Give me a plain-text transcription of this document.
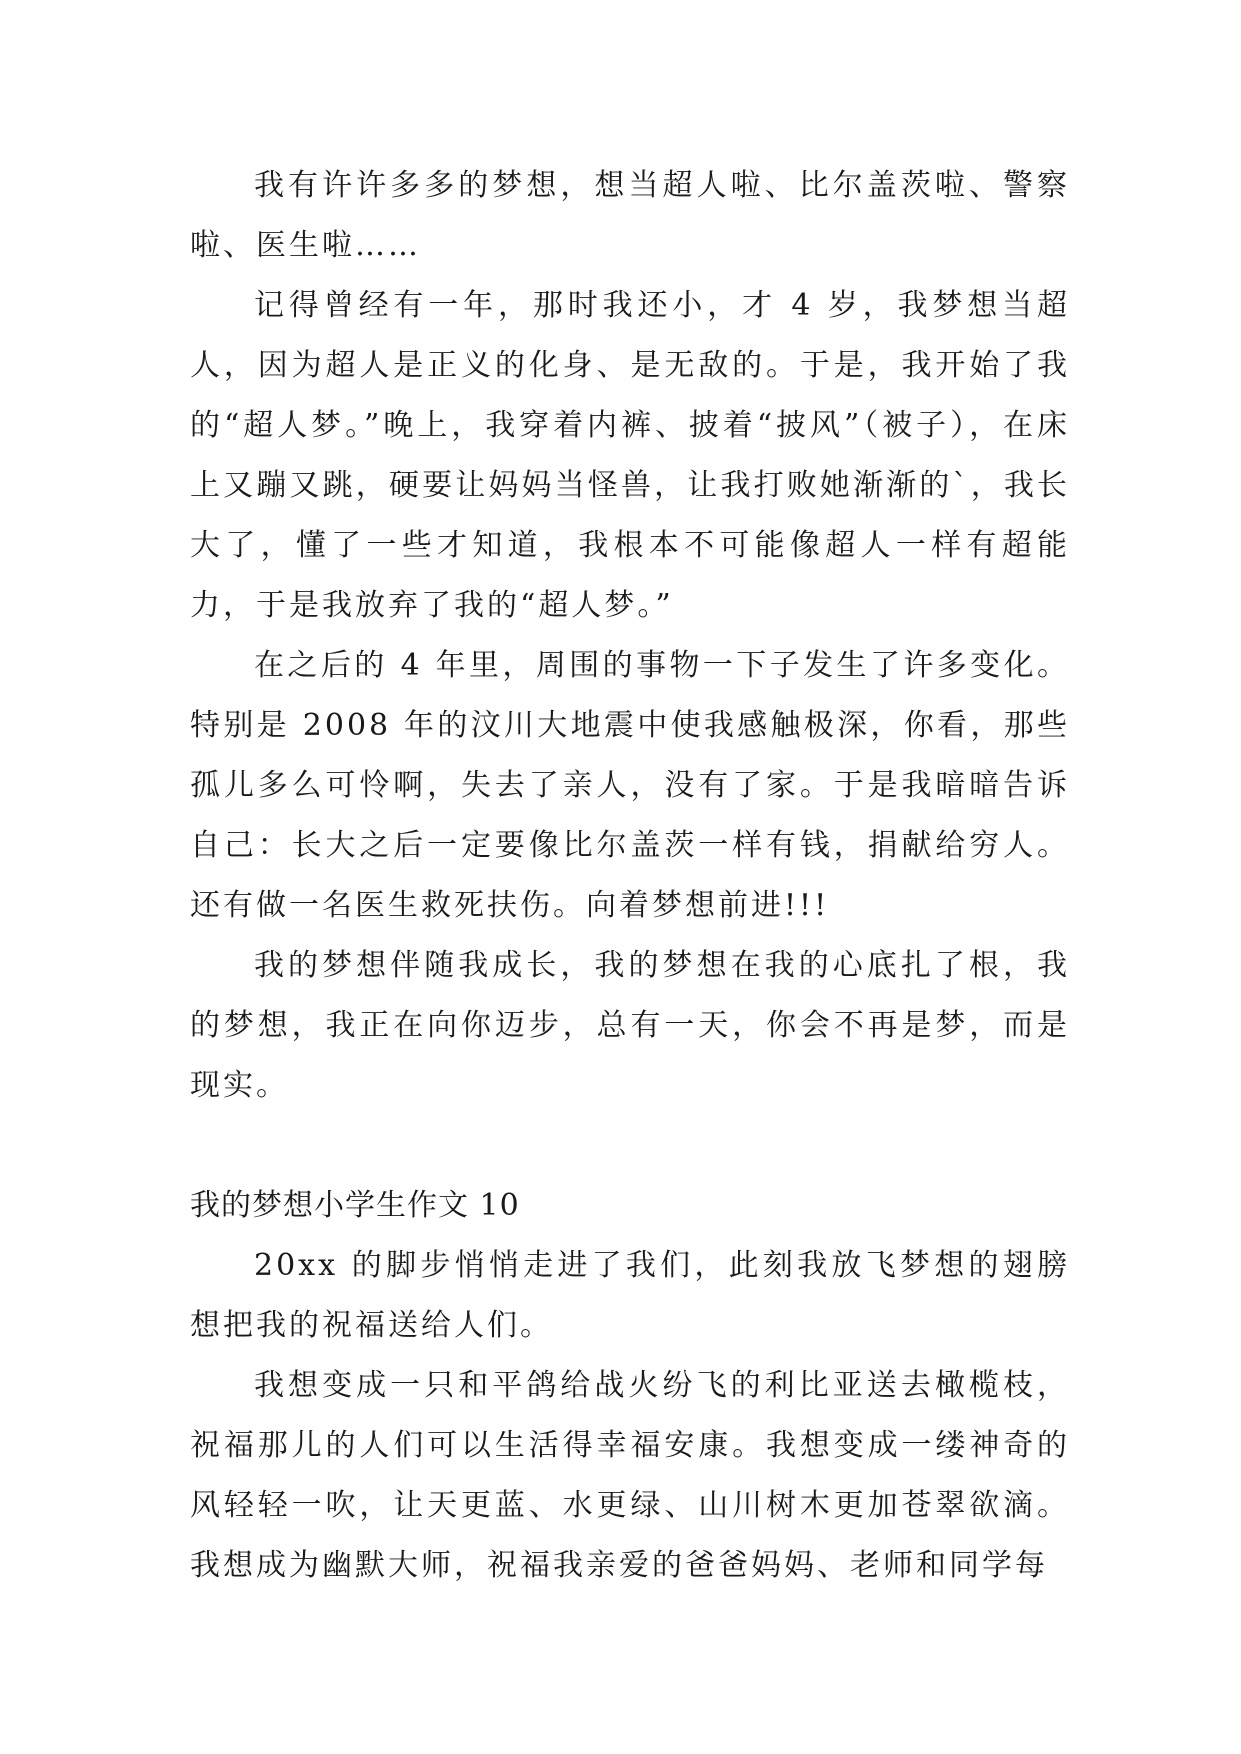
我有许许多多的梦想，想当超人啦、比尔盖茨啦、警察啦、医生啦……

记得曾经有一年，那时我还小，才 4 岁，我梦想当超人，因为超人是正义的化身、是无敌的。于是，我开始了我的“超人梦。”晚上，我穿着内裤、披着“披风”（被子），在床上又蹦又跳，硬要让妈妈当怪兽，让我打败她渐渐的`，我长大了，懂了一些才知道，我根本不可能像超人一样有超能力，于是我放弃了我的“超人梦。”

在之后的 4 年里，周围的事物一下子发生了许多变化。特别是 2008 年的汶川大地震中使我感触极深，你看，那些孤儿多么可怜啊，失去了亲人，没有了家。于是我暗暗告诉自己：长大之后一定要像比尔盖茨一样有钱，捐献给穷人。还有做一名医生救死扶伤。向着梦想前进!!!

我的梦想伴随我成长，我的梦想在我的心底扎了根，我的梦想，我正在向你迈步，总有一天，你会不再是梦，而是现实。

我的梦想小学生作文 10

20xx 的脚步悄悄走进了我们，此刻我放飞梦想的翅膀想把我的祝福送给人们。

我想变成一只和平鸽给战火纷飞的利比亚送去橄榄枝，祝福那儿的人们可以生活得幸福安康。我想变成一缕神奇的风轻轻一吹，让天更蓝、水更绿、山川树木更加苍翠欲滴。我想成为幽默大师，祝福我亲爱的爸爸妈妈、老师和同学每
